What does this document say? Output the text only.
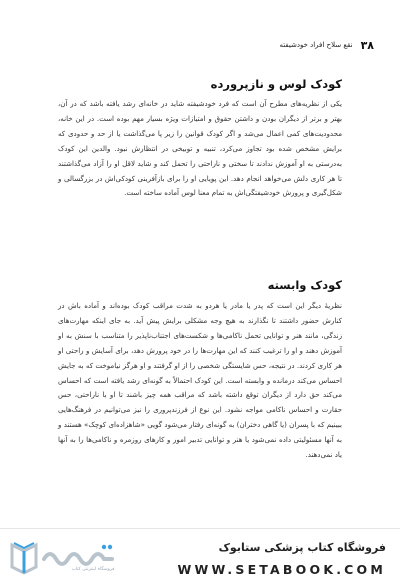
۳۸
نقع سلاح افراد خودشیفته
کودک لوس و نازپرورده

یکی از نظریه‌های مطرح آن است که فرد خودشیفته شاید در خانه‌ای رشد یافته باشد که در آن، بهتر و برتر از دیگران بودن و داشتن حقوق و امتیازات ویژه بسیار مهم بوده است. در این خانه، محدودیت‌های کمی اعمال می‌شد و اگر کودک قوانین را زیر پا می‌گذاشت یا از حد و حدودی که برایش مشخص شده بود تجاوز می‌کرد، تنبیه و توبیخی در انتظارش نبود. والدین این کودک به‌درستی به او آموزش ندادند تا سختی و ناراحتی را تحمل کند و شاید لاقل او را آزاد می‌گذاشتند تا هر کاری دلش می‌خواهد انجام دهد. این پویایی او را برای بازآفرینی کودکی‌اش در بزرگسالی و شکل‌گیری و پرورش خودشیفتگی‌اش به تمام معنا لوس آماده ساخته است.

کودک وابسته

نظریهٔ دیگر این است که پدر یا مادر یا هردو به شدت مراقب کودک بوده‌اند و آماده باش در کنارش حضور داشتند تا نگذارند به هیچ وجه مشکلی برایش پیش آید. به جای اینکه مهارت‌های زندگی، مانند هنر و توانایی تحمل ناکامی‌ها و شکست‌های اجتناب‌ناپذیر را متناسب با سنش به او آموزش دهند و او را ترغیب کنند که این مهارت‌ها را در خود پرورش دهد، برای آسایش و راحتی او هر کاری کردند. در نتیجه، حس شایستگی شخصی را از او گرفتند و او هرگز نیاموخت که به جایش احساس می‌کند درمانده و وابسته است. این کودک احتمالاً به گونه‌ای رشد یافته است که احساس می‌کند حق دارد از دیگران توقع داشته باشد که مراقب همه چیز باشند تا او با ناراحتی، حس حقارت و احساس ناکامی مواجه نشود. این نوع از فرزندپروری را نیز می‌توانیم در فرهنگ‌هایی ببینیم که با پسران (یا گاهی دختران) به گونه‌ای رفتار می‌شود گویی «شاهزاده‌ای کوچک» هستند و به آنها مسئولیتی داده نمی‌شود یا هنر و توانایی تدبیر امور و کارهای روزمره و ناکامی‌ها را به آنها یاد نمی‌دهند.

فروشگاه اینترنتی کتاب
فروشگاه کتاب پزشکی ستابوک
WWW.SETABOOK.COM
